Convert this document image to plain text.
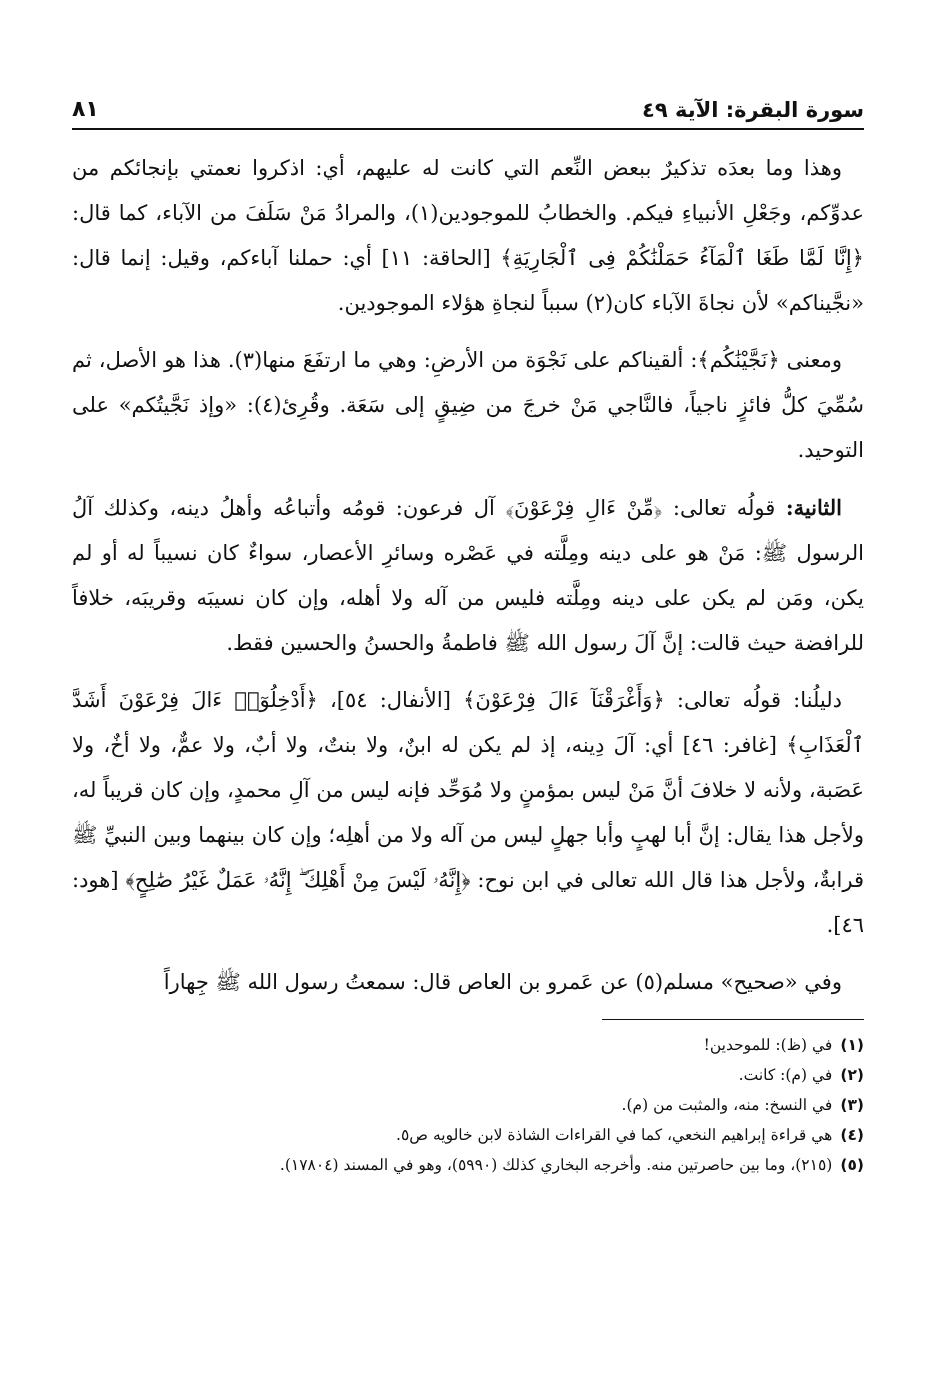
سورة البقرة: الآية ٤٩
٨١

وهذا وما بعدَه تذكيرٌ ببعض النِّعم التي كانت له عليهم، أي: اذكروا نعمتي بإنجائكم من عدوِّكم، وجَعْلِ الأنبياءِ فيكم. والخطابُ للموجودين(١)، والمرادُ مَنْ سَلَفَ من الآباء، كما قال: ﴿إِنَّا لَمَّا طَغَا ٱلْمَآءُ حَمَلْنَٰكُمْ فِى ٱلْجَارِيَةِ﴾ [الحاقة: ١١] أي: حملنا آباءكم، وقيل: إنما قال: «نجَّيناكم» لأن نجاةَ الآباء كان(٢) سبباً لنجاةِ هؤلاء الموجودين.

ومعنى ﴿نَجَّيْنَٰكُم﴾: ألقيناكم على نَجْوَة من الأرضِ: وهي ما ارتفَعَ منها(٣). هذا هو الأصل، ثم سُمِّيَ كلُّ فائزٍ ناجياً، فالنَّاجي مَنْ خرجَ من ضِيقٍ إلى سَعَة. وقُرِئ(٤): «وإذ نَجَّيتُكم» على التوحيد.

الثانية: قولُه تعالى: ﴿مِّنْ ءَالِ فِرْعَوْنَ﴾ آل فرعون: قومُه وأتباعُه وأهلُ دينه، وكذلك آلُ الرسول ﷺ: مَنْ هو على دينه ومِلَّته في عَصْره وسائرِ الأعصار، سواءٌ كان نسيباً له أو لم يكن، ومَن لم يكن على دينه ومِلَّته فليس من آله ولا أهله، وإن كان نسيبَه وقريبَه، خلافاً للرافضة حيث قالت: إنَّ آلَ رسول الله ﷺ فاطمةُ والحسنُ والحسين فقط.

دليلُنا: قولُه تعالى: ﴿وَأَغْرَقْنَآ ءَالَ فِرْعَوْنَ﴾ [الأنفال: ٥٤]، ﴿أَدْخِلُوٓا۟ ءَالَ فِرْعَوْنَ أَشَدَّ ٱلْعَذَابِ﴾ [غافر: ٤٦] أي: آلَ دِينه، إذ لم يكن له ابنٌ، ولا بنتٌ، ولا أبٌ، ولا عمٌّ، ولا أخٌ، ولا عَصَبة، ولأنه لا خلافَ أنَّ مَنْ ليس بمؤمنٍ ولا مُوَحِّد فإنه ليس من آلِ محمدٍ، وإن كان قريباً له، ولأجل هذا يقال: إنَّ أبا لهبٍ وأبا جهلٍ ليس من آله ولا من أهلِه؛ وإن كان بينهما وبين النبيِّ ﷺ قرابةٌ، ولأجل هذا قال الله تعالى في ابن نوح: ﴿إِنَّهُۥ لَيْسَ مِنْ أَهْلِكَ ۖ إِنَّهُۥ عَمَلٌ غَيْرُ صَٰلِحٍ﴾ [هود: ٤٦].

وفي «صحيح» مسلم(٥) عن عَمرو بن العاص قال: سمعتُ رسول الله ﷺ جِهاراً

(١)
في (ظ): للموحدين!
(٢)
في (م): كانت.
(٣)
في النسخ: منه، والمثبت من (م).
(٤)
هي قراءة إبراهيم النخعي، كما في القراءات الشاذة لابن خالويه ص٥.
(٥)
(٢١٥)، وما بين حاصرتين منه. وأخرجه البخاري كذلك (٥٩٩٠)، وهو في المسند (١٧٨٠٤).
